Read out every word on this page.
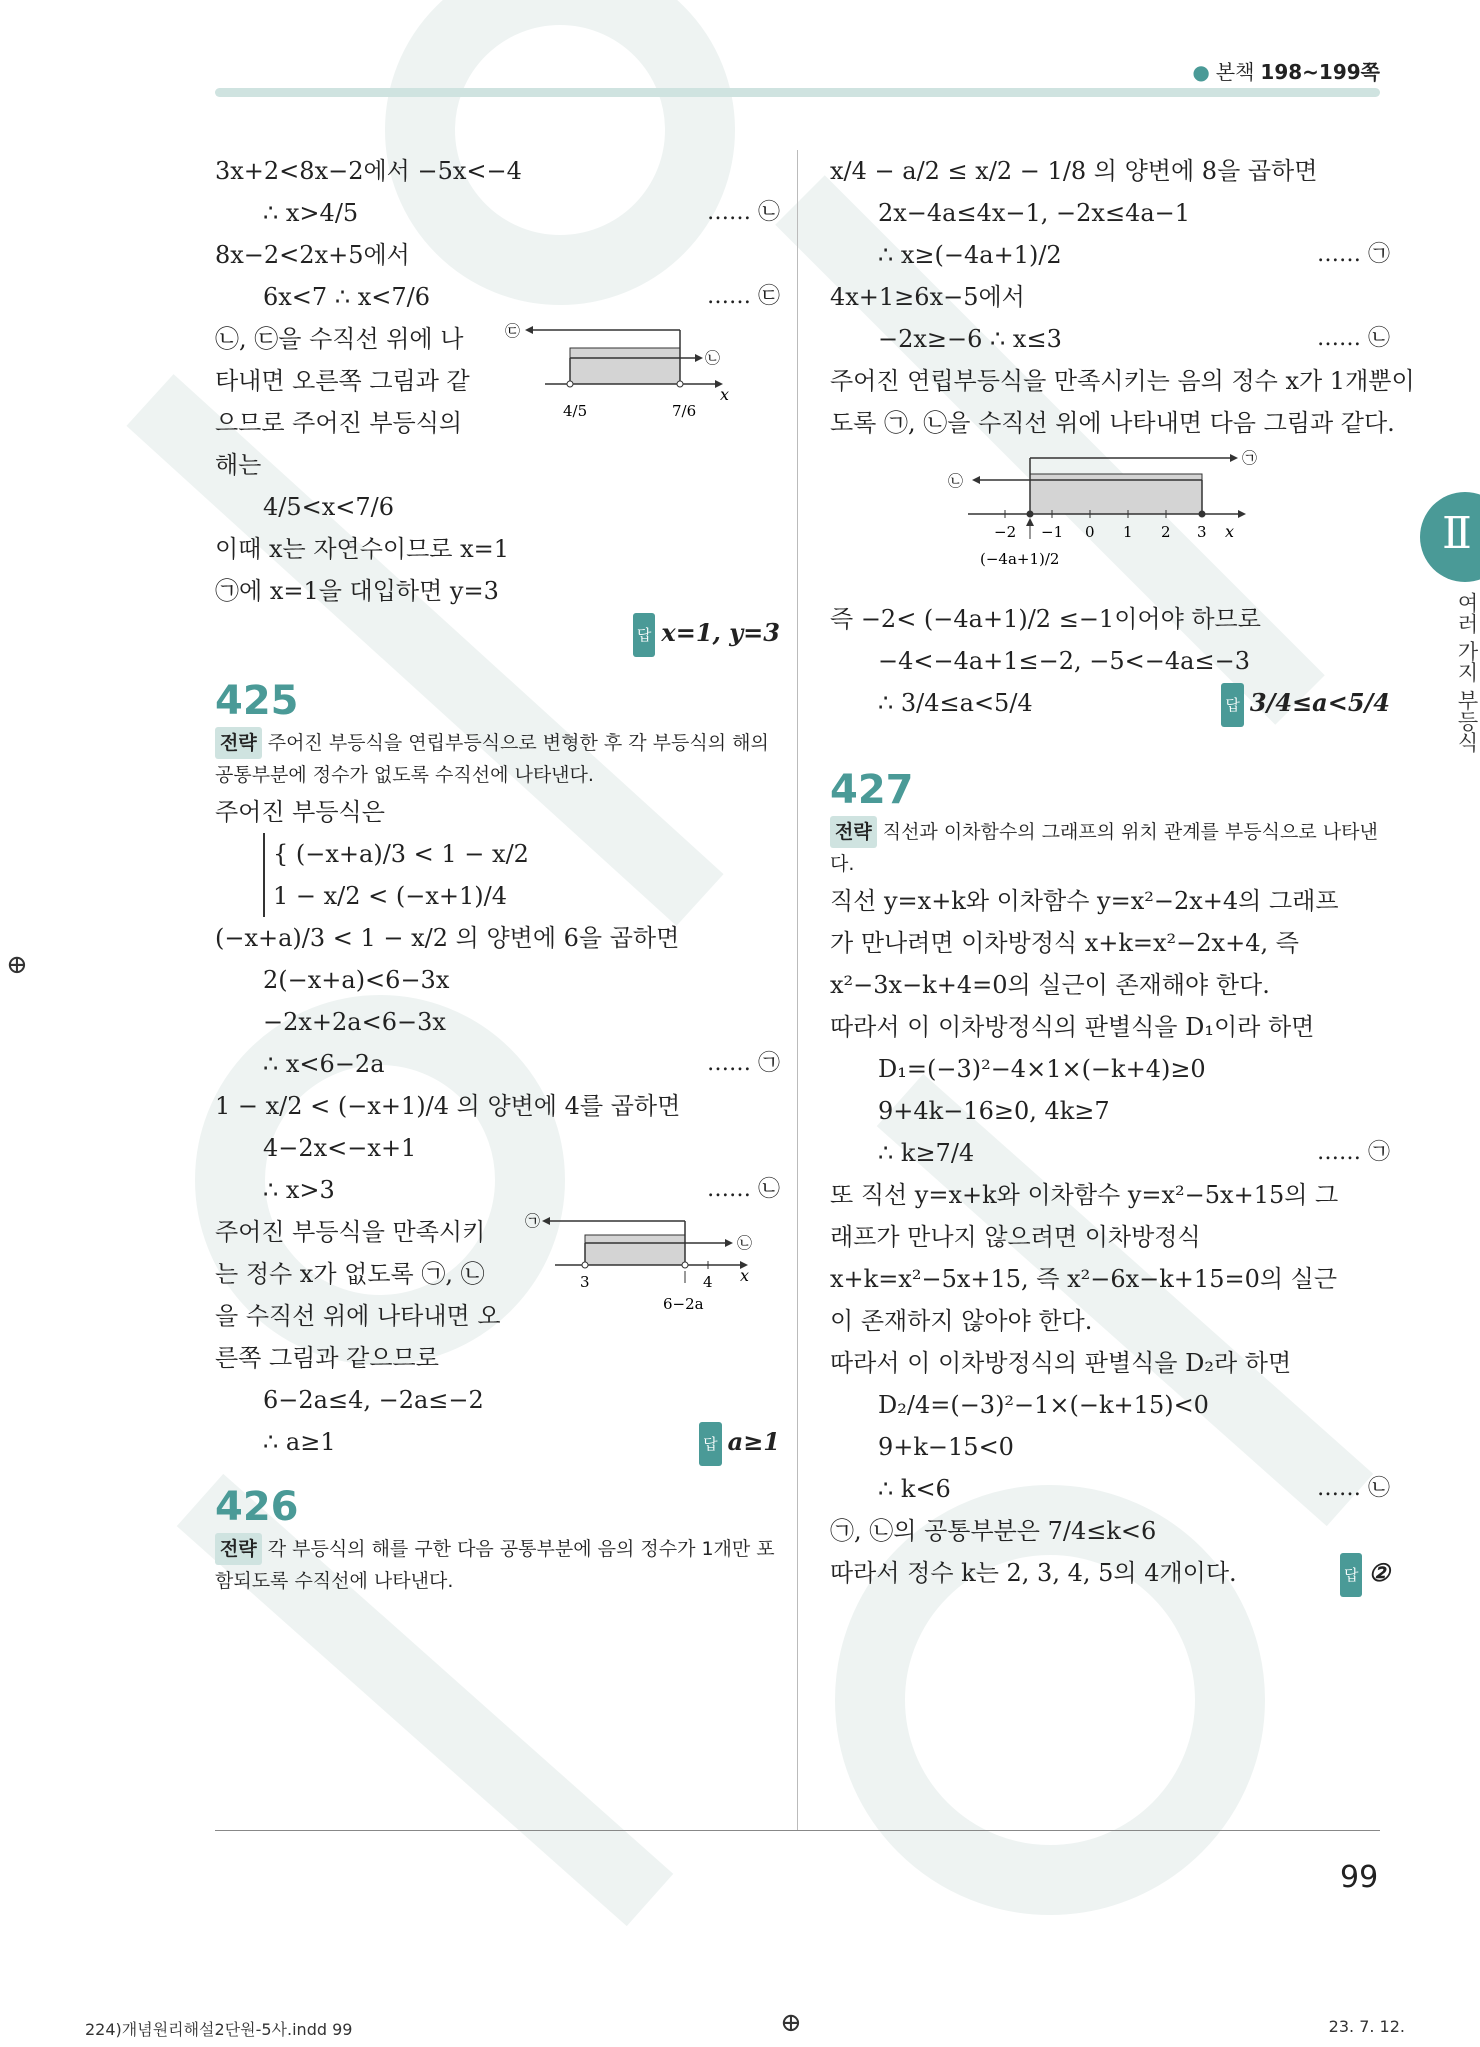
● 본책 198~199쪽
Ⅱ
여러 가지 부등식
3x+2<8x−2에서 −5x<−4
∴ x>4/5	…… ㉡
8x−2<2x+5에서
6x<7 ∴ x<7/6	…… ㉢
㉡, ㉢을 수직선 위에 나
타내면 오른쪽 그림과 같
으므로 주어진 부등식의
해는
㉢
㉡
4/5	7/6
x
4/5<x<7/6
이때 x는 자연수이므로 x=1
㉠에 x=1을 대입하면 y=3
답 x=1, y=3
425
전략 주어진 부등식을 연립부등식으로 변형한 후 각 부등식의 해의 공통부분에 정수가 없도록 수직선에 나타낸다.
주어진 부등식은
{ (−x+a)/3 < 1 − x/2
1 − x/2 < (−x+1)/4
(−x+a)/3 < 1 − x/2 의 양변에 6을 곱하면
2(−x+a)<6−3x
−2x+2a<6−3x
∴ x<6−2a	…… ㉠
1 − x/2 < (−x+1)/4 의 양변에 4를 곱하면
4−2x<−x+1
∴ x>3	…… ㉡
주어진 부등식을 만족시키
는 정수 x가 없도록 ㉠, ㉡
을 수직선 위에 나타내면 오
른쪽 그림과 같으므로
㉠
㉡
3	4 x
6−2a
6−2a≤4, −2a≤−2
∴ a≥1	답 a≥1
426
전략 각 부등식의 해를 구한 다음 공통부분에 음의 정수가 1개만 포함되도록 수직선에 나타낸다.
x/4 − a/2 ≤ x/2 − 1/8 의 양변에 8을 곱하면
2x−4a≤4x−1, −2x≤4a−1
∴ x≥(−4a+1)/2	…… ㉠
4x+1≥6x−5에서
−2x≥−6 ∴ x≤3	…… ㉡
주어진 연립부등식을 만족시키는 음의 정수 x가 1개뿐이
도록 ㉠, ㉡을 수직선 위에 나타내면 다음 그림과 같다.
㉡
㉠
−2 −1 0 1 2 3 x
(−4a+1)/2
즉 −2< (−4a+1)/2 ≤−1이어야 하므로
−4<−4a+1≤−2, −5<−4a≤−3
∴ 3/4≤a<5/4	답 3/4≤a<5/4
427
전략 직선과 이차함수의 그래프의 위치 관계를 부등식으로 나타낸다.
직선 y=x+k와 이차함수 y=x²−2x+4의 그래프
가 만나려면 이차방정식 x+k=x²−2x+4, 즉
x²−3x−k+4=0의 실근이 존재해야 한다.
따라서 이 이차방정식의 판별식을 D₁이라 하면
D₁=(−3)²−4×1×(−k+4)≥0
9+4k−16≥0, 4k≥7
∴ k≥7/4	…… ㉠
또 직선 y=x+k와 이차함수 y=x²−5x+15의 그
래프가 만나지 않으려면 이차방정식
x+k=x²−5x+15, 즉 x²−6x−k+15=0의 실근
이 존재하지 않아야 한다.
따라서 이 이차방정식의 판별식을 D₂라 하면
D₂/4=(−3)²−1×(−k+15)<0
9+k−15<0
∴ k<6	…… ㉡
㉠, ㉡의 공통부분은 7/4≤k<6
따라서 정수 k는 2, 3, 4, 5의 4개이다.	답 ②
99
⊕
⊕
224)개념원리해설2단원-5사.indd 99	23. 7. 12.
